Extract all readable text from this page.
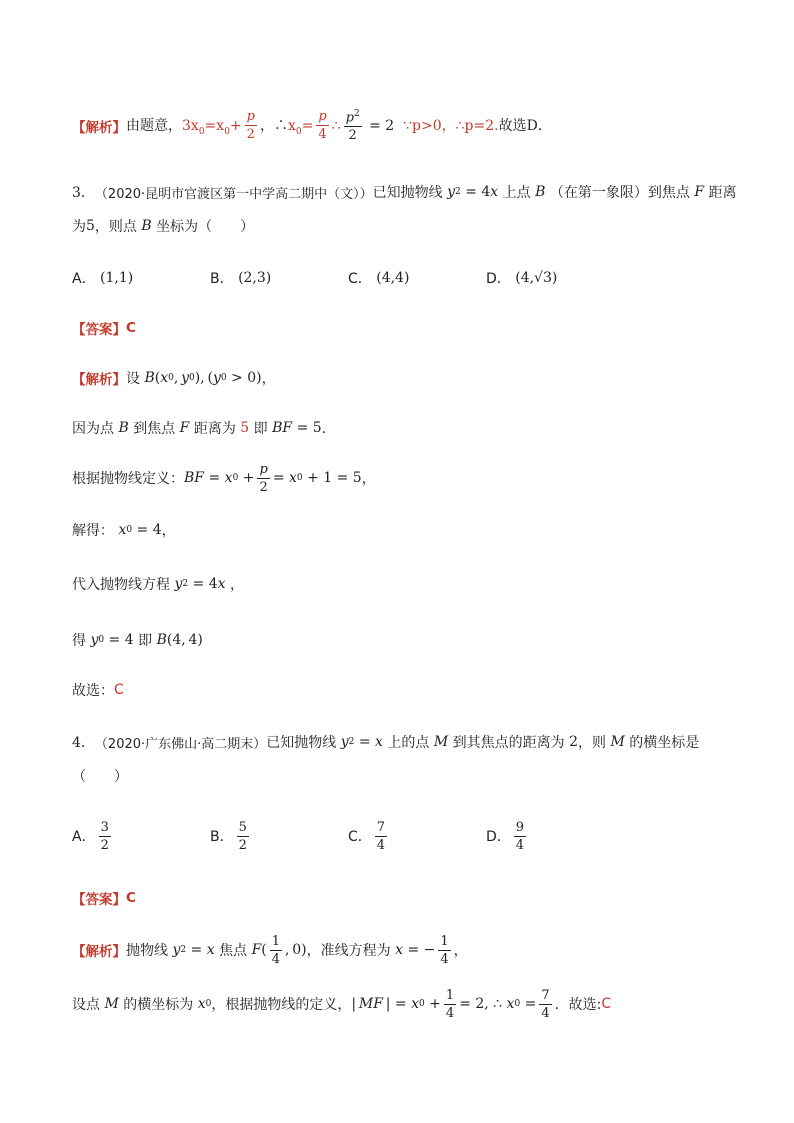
【解析】 由题意，$3x_0=x_0+ \frac{p}{2}$ ，$\therefore x_0= \frac{p}{4}$ ∴ $\frac{p^2}{2} = 2$  ∵p>0，∴p=2.故选D．
3． （2020·昆明市官渡区第一中学高二期中（文）） 已知抛物线 y 2 = 4 x
上点
B
（在第一象限）到焦点
F
距离
为 5 ，则点
B
坐标为（　　）
A．
(1,1)	B．
(2,3)	C．
(4,4)	D．
(4,√3)
【答案】 C
【解析】 设
B ( x 0 ,  y 0 ), ( y 0 > 0) ，
因为点
B
到焦点
F
距离为
5
即
BF = 5 ．
根据抛物线定义： BF = x $0 + \frac{p}{2} = x$ 0 + 1 = 5 ，
解得：
x 0 = 4 ，
代入抛物线方程
y 2 = 4 x
，
得
y 0 = 4 即
B (4, 4)
故选： C
4． （2020·广东佛山·高二期末） 已知抛物线
y 2 = x
上的点
M
到其焦点的距离为 2 ，则
M
的横坐标是
（　　）
A． $\frac{3}{2}$	B． $\frac{5}{2}$	C． $\frac{7}{4}$	D． $\frac{9}{4}$
【答案】 C
【解析】 抛物线
y 2 = x
焦点
F ( $\frac{1}{4}$ , 0) ，准线方程为
x = − $\frac{1}{4}$ ，
设点
M
的横坐标为
x 0 ，根据抛物线的定义， |  MF  | = x $0 + \frac{1}{4} = 2$, ∴ x $0 = \frac{7}{4}$ ．故选: C
